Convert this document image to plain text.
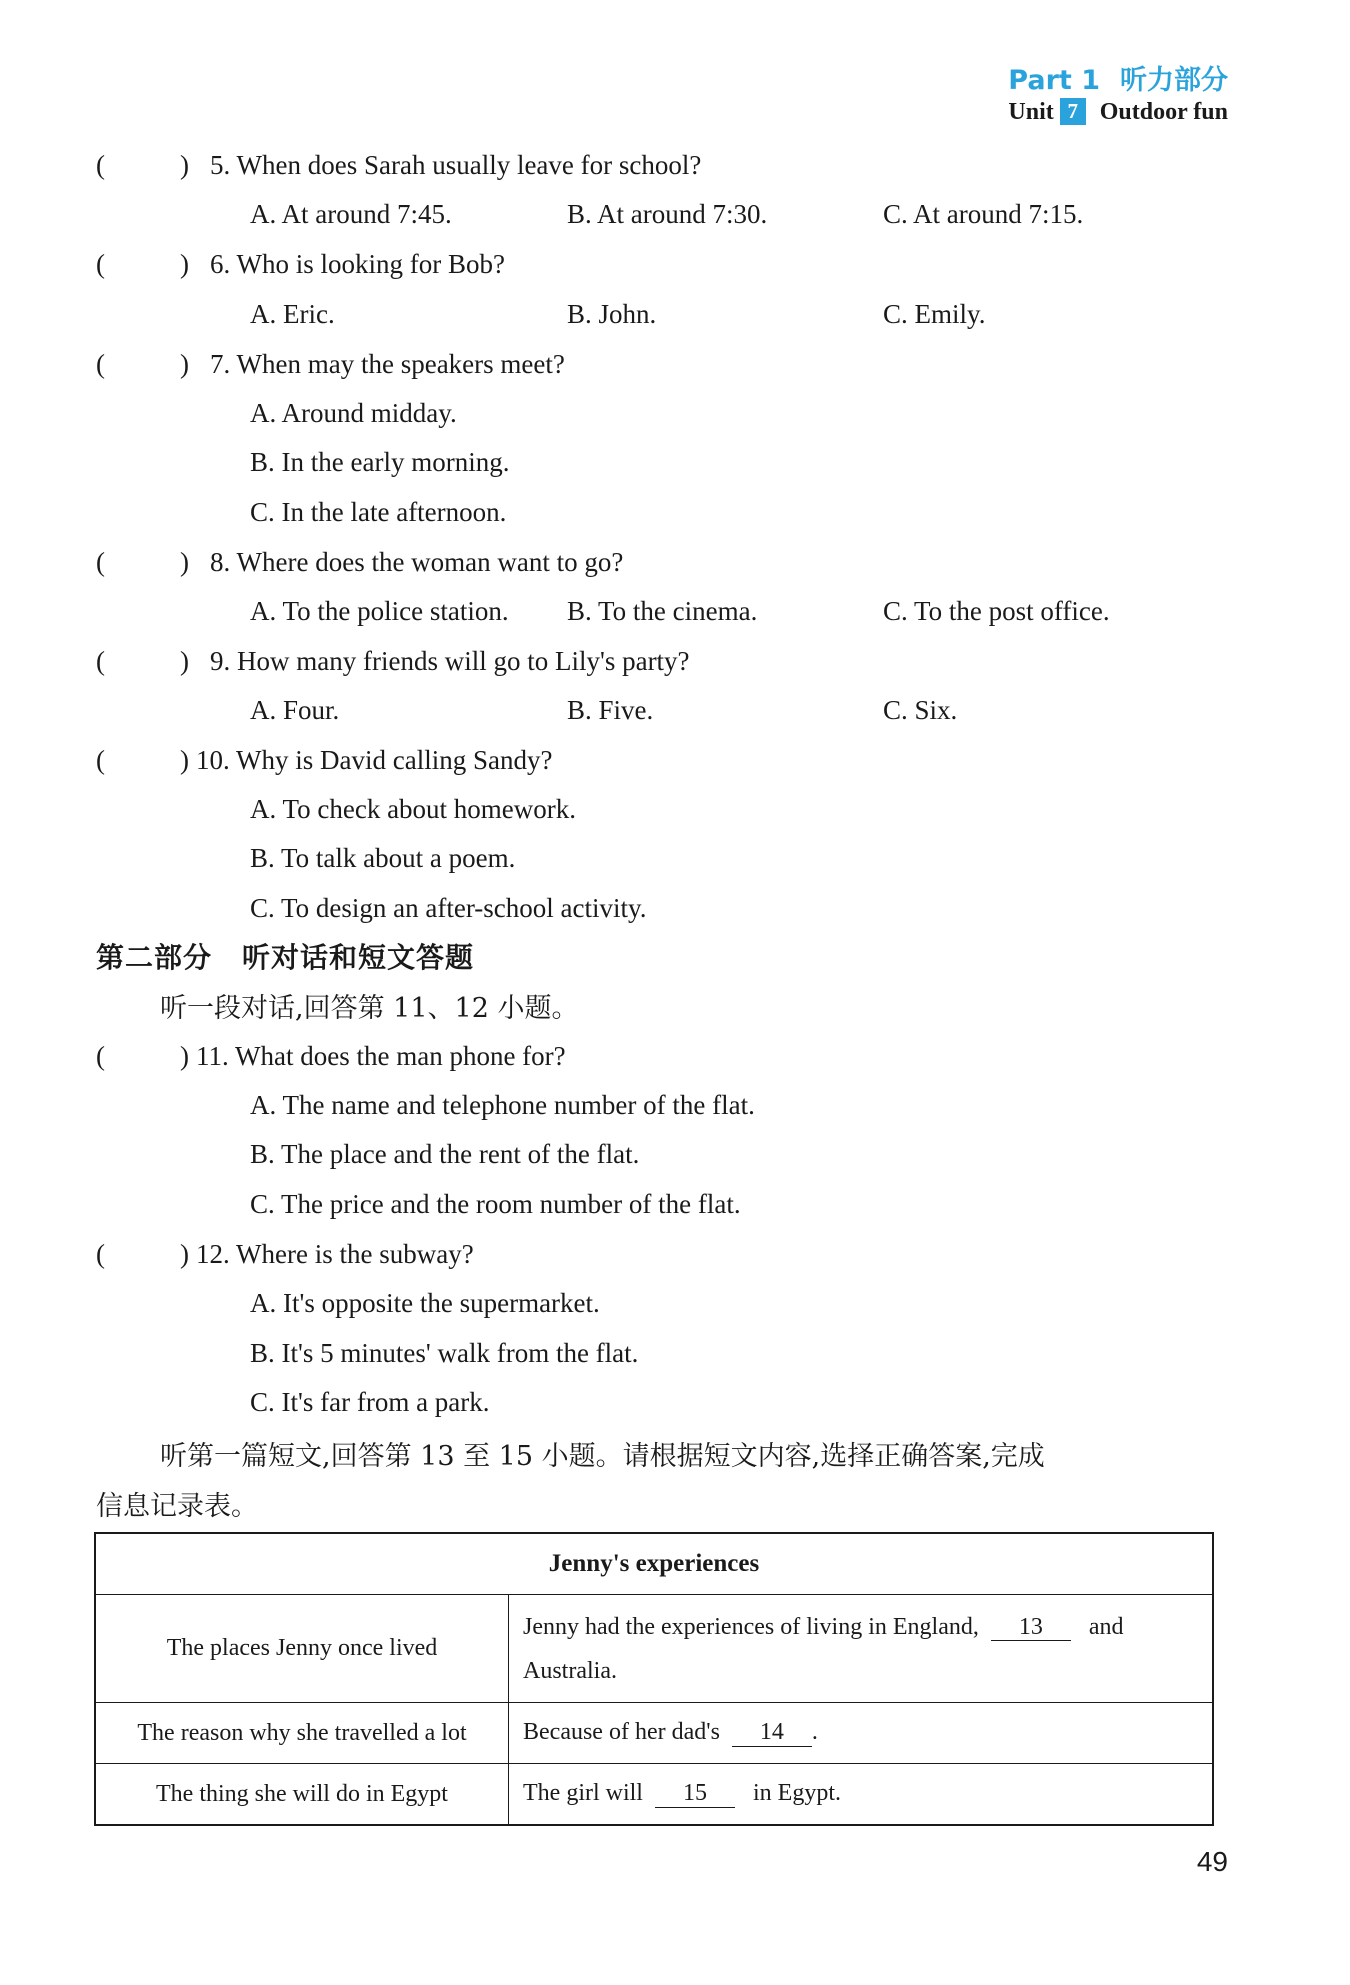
Part 1 听力部分
Unit 7 Outdoor fun
(	) 5. When does Sarah usually leave for school?
A. At around 7:45.	B. At around 7:30.	C. At around 7:15.
(	) 6. Who is looking for Bob?
A. Eric.	B. John.	C. Emily.
(	) 7. When may the speakers meet?
A. Around midday.
B. In the early morning.
C. In the late afternoon.
(	) 8. Where does the woman want to go?
A. To the police station. B. To the cinema.	C. To the post office.
(	) 9. How many friends will go to Lily's party?
A. Four.	B. Five.	C. Six.
(	) 10. Why is David calling Sandy?
A. To check about homework.
B. To talk about a poem.
C. To design an after-school activity.
第二部分 听对话和短文答题
听一段对话,回答第 11、12 小题。
(	) 11. What does the man phone for?
A. The name and telephone number of the flat.
B. The place and the rent of the flat.
C. The price and the room number of the flat.
(	) 12. Where is the subway?
A. It's opposite the supermarket.
B. It's 5 minutes' walk from the flat.
C. It's far from a park.
听第一篇短文,回答第 13 至 15 小题。请根据短文内容,选择正确答案,完成
信息记录表。
Jenny's experiences	
The places Jenny once lived	Jenny had the experiences of living in England, 13 and
Australia.

The reason why she travelled a lot	Because of her dad's 14 .
The thing she will do in Egypt	The girl will 15 in Egypt.
49
